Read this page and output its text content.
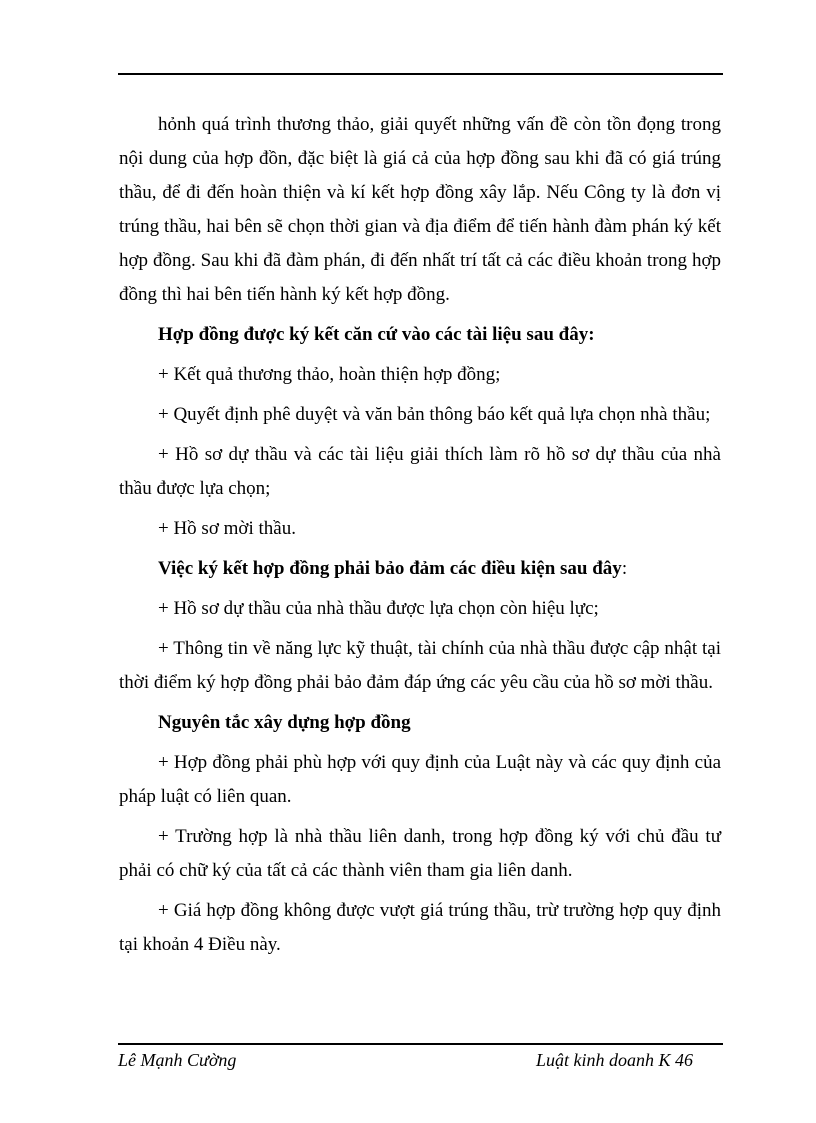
hỏnh quá trình thương thảo, giải quyết những vấn đề còn tồn đọng trong nội dung của hợp đồn, đặc biệt là giá cả của hợp đồng sau khi đã có giá trúng thầu, để đi đến hoàn thiện và kí kết hợp đồng xây lắp. Nếu Công ty là đơn vị trúng thầu, hai bên sẽ chọn thời gian và địa điểm để tiến hành đàm phán ký kết hợp đồng. Sau khi đã đàm phán, đi đến nhất trí tất cả các điều khoản trong hợp đồng thì hai bên tiến hành ký kết hợp đồng.

Hợp đồng được ký kết căn cứ vào các tài liệu sau đây:

+ Kết quả thương thảo, hoàn thiện hợp đồng;

+ Quyết định phê duyệt và văn bản thông báo kết quả lựa chọn nhà thầu;

+ Hồ sơ dự thầu và các tài liệu giải thích làm rõ hồ sơ dự thầu của nhà thầu được lựa chọn;

+ Hồ sơ mời thầu.

Việc ký kết hợp đồng phải bảo đảm các điều kiện sau đây:

+ Hồ sơ dự thầu của nhà thầu được lựa chọn còn hiệu lực;

+ Thông tin về năng lực kỹ thuật, tài chính của nhà thầu được cập nhật tại thời điểm ký hợp đồng phải bảo đảm đáp ứng các yêu cầu của hồ sơ mời thầu.

Nguyên tắc xây dựng hợp đồng

+ Hợp đồng phải phù hợp với quy định của Luật này và các quy định của pháp luật có liên quan.

+ Trường hợp là nhà thầu liên danh, trong hợp đồng ký với chủ đầu tư phải có chữ ký của tất cả các thành viên tham gia liên danh.

+ Giá hợp đồng không được vượt giá trúng thầu, trừ trường hợp quy định tại khoản 4 Điều này.

Lê Mạnh Cường	Luật kinh doanh K 46
